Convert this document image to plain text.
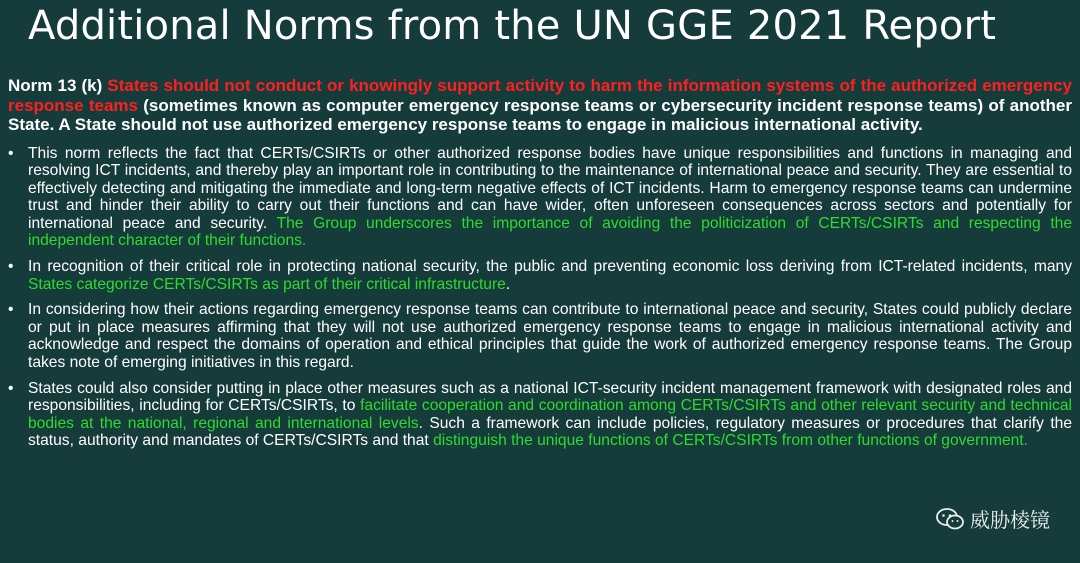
Additional Norms from the UN GGE 2021 Report

Norm 13 (k) States should not conduct or knowingly support activity to harm the information systems of the authorized emergency response teams (sometimes known as computer emergency response teams or cybersecurity incident response teams) of another State. A State should not use authorized emergency response teams to engage in malicious international activity.

• This norm reflects the fact that CERTs/CSIRTs or other authorized response bodies have unique responsibilities and functions in managing and resolving ICT incidents, and thereby play an important role in contributing to the maintenance of international peace and security. They are essential to effectively detecting and mitigating the immediate and long-term negative effects of ICT incidents. Harm to emergency response teams can undermine trust and hinder their ability to carry out their functions and can have wider, often unforeseen consequences across sectors and potentially for international peace and security. The Group underscores the importance of avoiding the politicization of CERTs/CSIRTs and respecting the independent character of their functions.
• In recognition of their critical role in protecting national security, the public and preventing economic loss deriving from ICT-related incidents, many States categorize CERTs/CSIRTs as part of their critical infrastructure.
• In considering how their actions regarding emergency response teams can contribute to international peace and security, States could publicly declare or put in place measures affirming that they will not use authorized emergency response teams to engage in malicious international activity and acknowledge and respect the domains of operation and ethical principles that guide the work of authorized emergency response teams. The Group takes note of emerging initiatives in this regard.
• States could also consider putting in place other measures such as a national ICT-security incident management framework with designated roles and responsibilities, including for CERTs/CSIRTs, to facilitate cooperation and coordination among CERTs/CSIRTs and other relevant security and technical bodies at the national, regional and international levels. Such a framework can include policies, regulatory measures or procedures that clarify the status, authority and mandates of CERTs/CSIRTs and that distinguish the unique functions of CERTs/CSIRTs from other functions of government.
威胁棱镜
